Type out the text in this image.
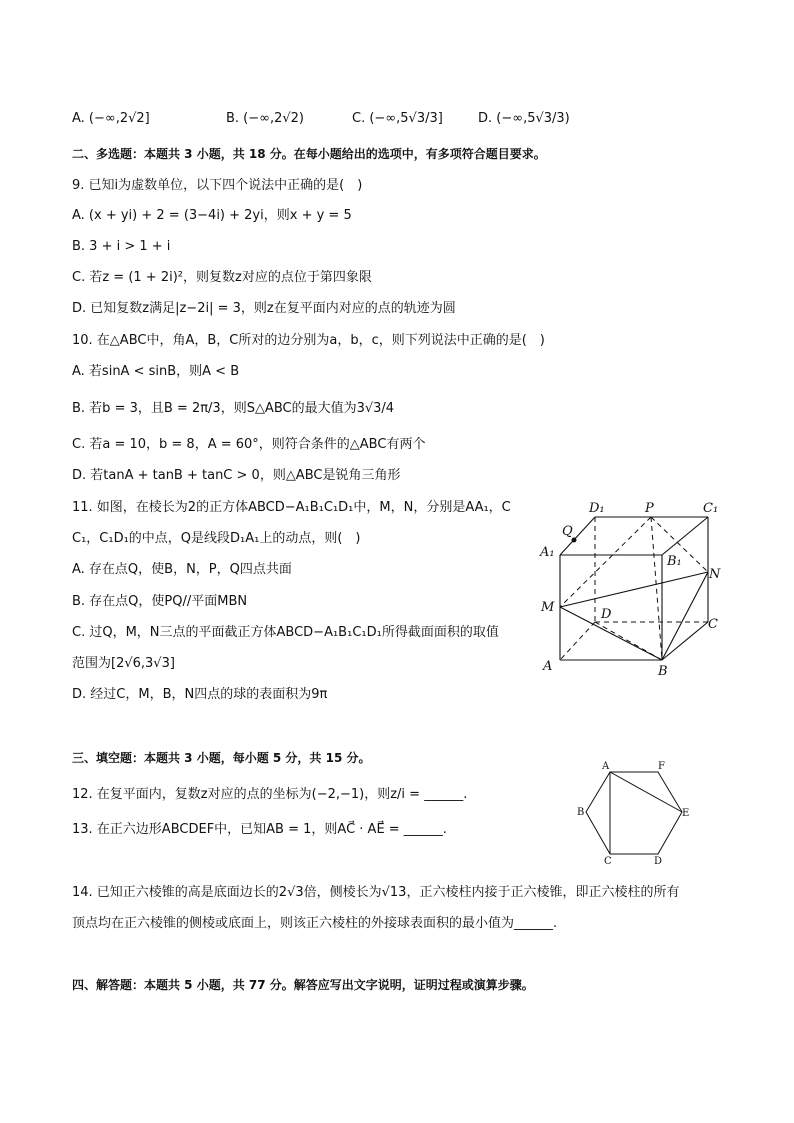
A. (−∞,2√2]	B. (−∞,2√2)	C. (−∞,5√3/3]	D. (−∞,5√3/3)
二、多选题：本题共 3 小题，共 18 分。在每小题给出的选项中，有多项符合题目要求。
9. 已知i为虚数单位，以下四个说法中正确的是(　)
A. (x + yi) + 2 = (3−4i) + 2yi，则x + y = 5
B. 3 + i > 1 + i
C. 若z = (1 + 2i)²，则复数z对应的点位于第四象限
D. 已知复数z满足|z−2i| = 3，则z在复平面内对应的点的轨迹为圆
10. 在△ABC中，角A，B，C所对的边分别为a，b，c，则下列说法中正确的是(　)
A. 若sinA < sinB，则A < B
B. 若b = 3，且B = 2π/3，则S△ABC的最大值为3√3/4
C. 若a = 10，b = 8，A = 60°，则符合条件的△ABC有两个
D. 若tanA + tanB + tanC > 0，则△ABC是锐角三角形
11. 如图，在棱长为2的正方体ABCD−A₁B₁C₁D₁中，M，N，分别是AA₁，C
C₁，C₁D₁的中点，Q是线段D₁A₁上的动点，则(　)
A. 存在点Q，使B，N，P，Q四点共面
B. 存在点Q，使PQ//平面MBN
C. 过Q，M，N三点的平面截正方体ABCD−A₁B₁C₁D₁所得截面面积的取值
范围为[2√6,3√3]
D. 经过C，M，B，N四点的球的表面积为9π
D₁	P	C₁
Q
A₁
B₁
N
M	D
C
A	B
三、填空题：本题共 3 小题，每小题 5 分，共 15 分。
12. 在复平面内，复数z对应的点的坐标为(−2,−1)，则z/i = ______.
13. 在正六边形ABCDEF中，已知AB = 1，则AC⃗ · AE⃗ = ______.
A	F
B	E
C	D
14. 已知正六棱锥的高是底面边长的2√3倍，侧棱长为√13，正六棱柱内接于正六棱锥，即正六棱柱的所有
顶点均在正六棱锥的侧棱或底面上，则该正六棱柱的外接球表面积的最小值为______.
四、解答题：本题共 5 小题，共 77 分。解答应写出文字说明，证明过程或演算步骤。
